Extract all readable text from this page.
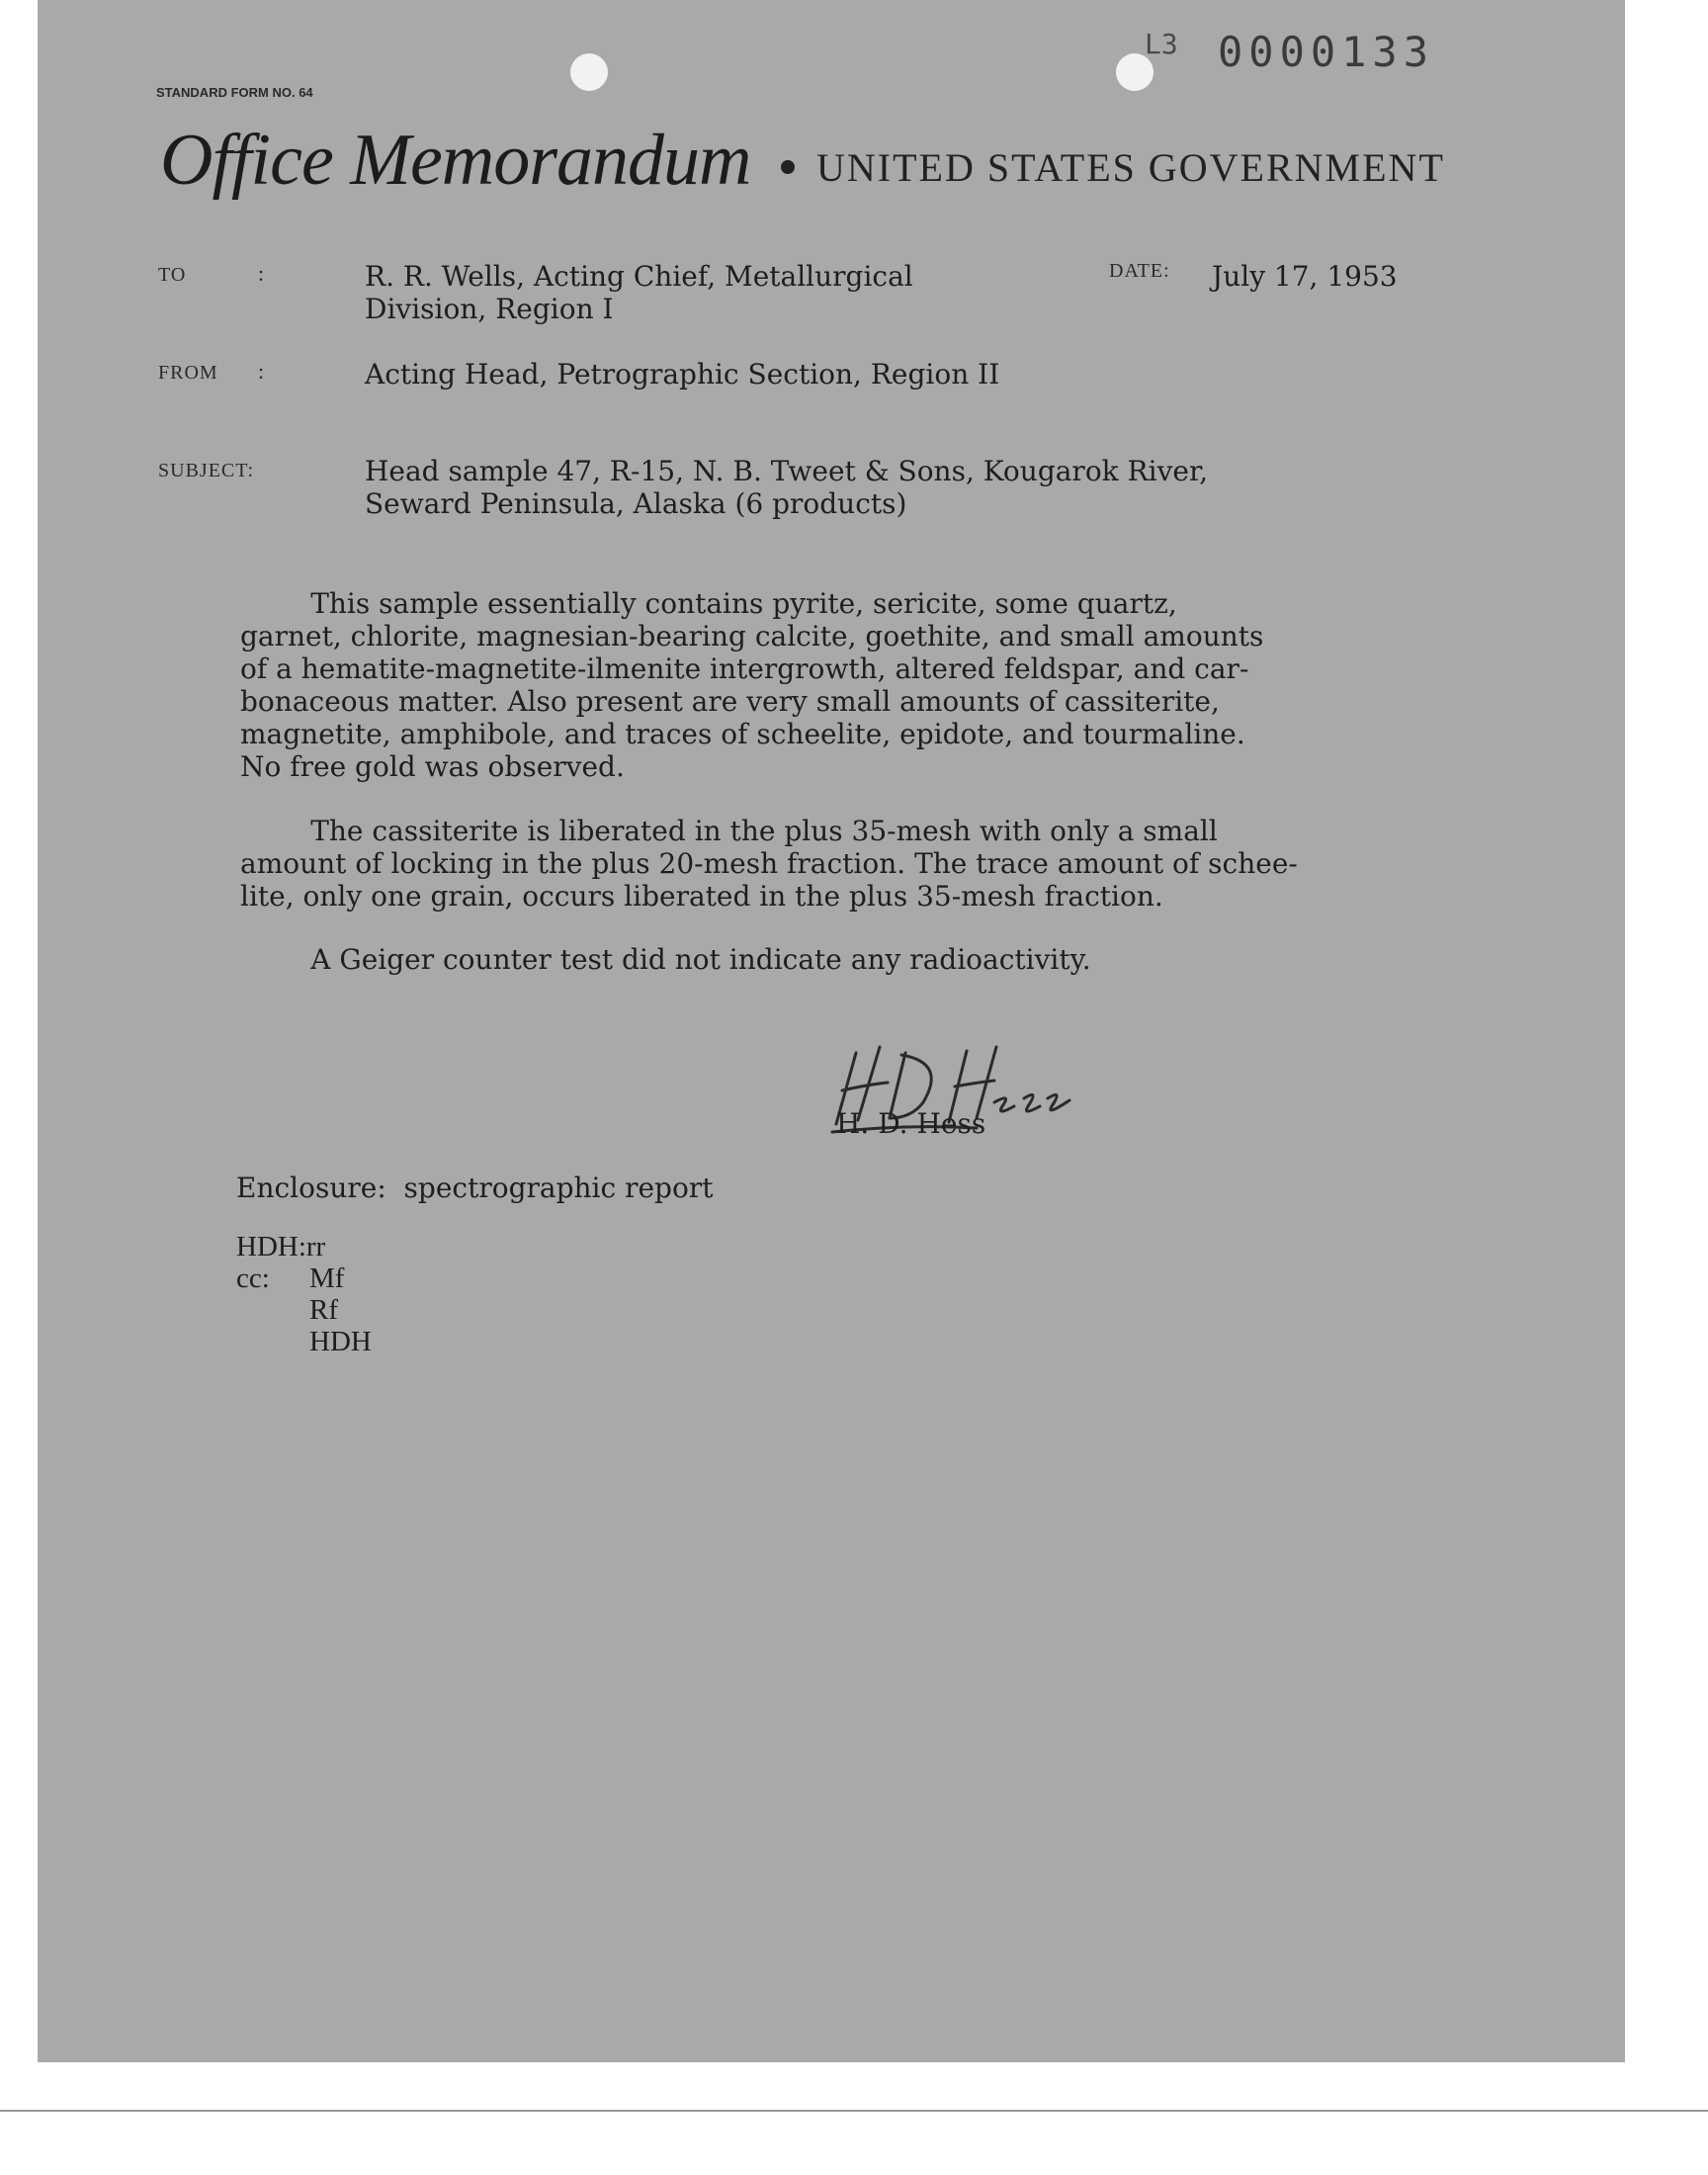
L3 0000133
STANDARD FORM NO. 64
Office Memorandum UNITED STATES GOVERNMENT
TO	:	R. R. Wells, Acting Chief, Metallurgical
Division, Region I
DATE: July 17, 1953
FROM :	Acting Head, Petrographic Section, Region II
SUBJECT:	Head sample 47, R-15, N. B. Tweet & Sons, Kougarok River,
Seward Peninsula, Alaska (6 products)

This sample essentially contains pyrite, sericite, some quartz,

garnet, chlorite, magnesian-bearing calcite, goethite, and small amounts

of a hematite-magnetite-ilmenite intergrowth, altered feldspar, and car-

bonaceous matter. Also present are very small amounts of cassiterite,

magnetite, amphibole, and traces of scheelite, epidote, and tourmaline.

No free gold was observed.

The cassiterite is liberated in the plus 35-mesh with only a small

amount of locking in the plus 20-mesh fraction. The trace amount of schee-

lite, only one grain, occurs liberated in the plus 35-mesh fraction.

A Geiger counter test did not indicate any radioactivity.

H. D. Hess
Enclosure:  spectrographic report
HDH:rr
cc: Mf
Rf
HDH
